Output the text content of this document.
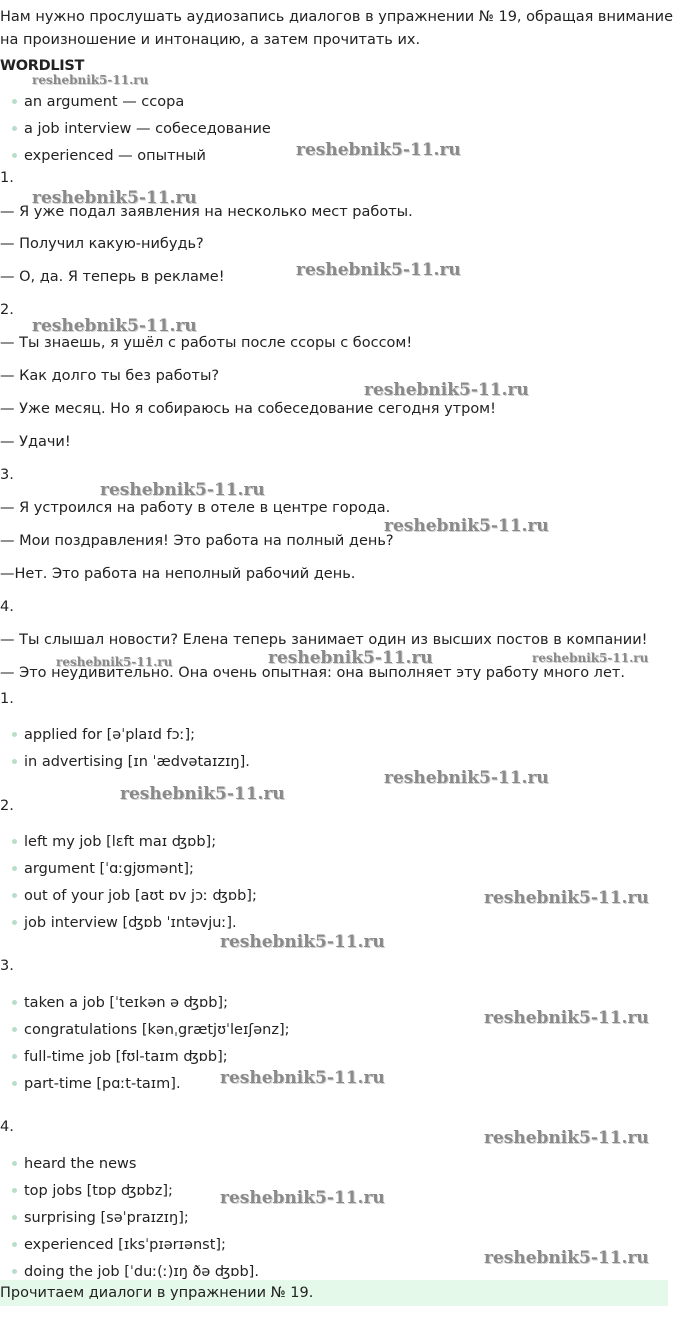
Нам нужно прослушать аудиозапись диалогов в упражнении № 19, обращая внимание на произношение и интонацию, а затем прочитать их.
WORDLIST
an argument — ссора
a job interview — собеседование
experienced — опытный
1.
— Я уже подал заявления на несколько мест работы.
— Получил какую-нибудь?
— О, да. Я теперь в рекламе!
2.
— Ты знаешь, я ушёл с работы после ссоры с боссом!
— Как долго ты без работы?
— Уже месяц. Но я собираюсь на собеседование сегодня утром!
— Удачи!
3.
— Я устроился на работу в отеле в центре города.
— Мои поздравления! Это работа на полный день?
—Нет. Это работа на неполный рабочий день.
4.
— Ты слышал новости? Елена теперь занимает один из высших постов в компании!
— Это неудивительно. Она очень опытная: она выполняет эту работу много лет.
1.
applied for [əˈplaɪd fɔː];
in advertising [ɪn ˈædvətaɪzɪŋ].
2.
left my job [lɛft maɪ ʤɒb];
argument [ˈɑːgjʊmənt];
out of your job [aʊt ɒv jɔː ʤɒb];
job interview [ʤɒb ˈɪntəvjuː].
3.
taken a job [ˈteɪkən ə ʤɒb];
congratulations [kənˌgrætjʊˈleɪʃənz];
full-time job [fʊl-taɪm ʤɒb];
part-time [pɑːt-taɪm].
4.
heard the news
top jobs [tɒp ʤɒbz];
surprising [səˈpraɪzɪŋ];
experienced [ɪksˈpɪərɪənst];
doing the job [ˈduː(ː)ɪŋ ðə ʤɒb].
Прочитаем диалоги в упражнении № 19.
reshebnik5-11.ru
reshebnik5-11.ru
reshebnik5-11.ru
reshebnik5-11.ru
reshebnik5-11.ru
reshebnik5-11.ru
reshebnik5-11.ru
reshebnik5-11.ru
reshebnik5-11.ru	reshebnik5-11.ru	reshebnik5-11.ru
reshebnik5-11.ru
reshebnik5-11.ru
reshebnik5-11.ru
reshebnik5-11.ru
reshebnik5-11.ru
reshebnik5-11.ru
reshebnik5-11.ru
reshebnik5-11.ru
reshebnik5-11.ru
